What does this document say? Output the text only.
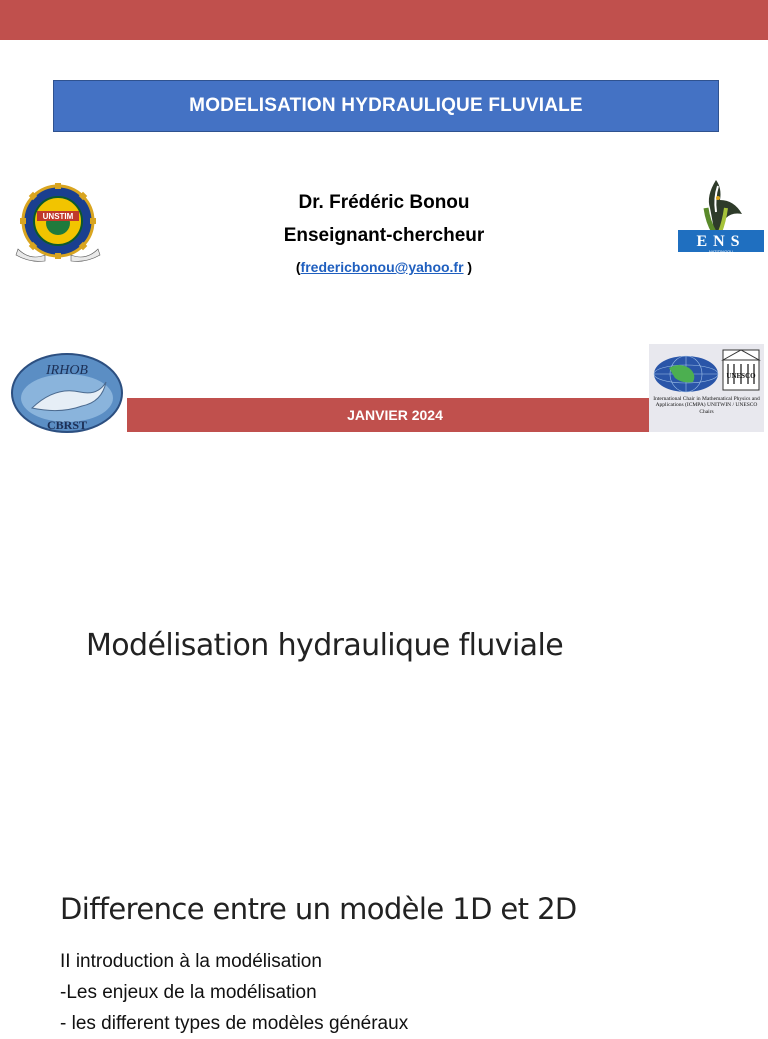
MODELISATION HYDRAULIQUE FLUVIALE
UNSTIM
Dr. Frédéric Bonou
Enseignant-chercheur
(fredericbonou@yahoo.fr )
ENS
NATITINGOU
IRHOB
CBRST
JANVIER 2024
UNESCO
International Chair in Mathematical Physics and Applications (ICMPA) UNITWIN / UNESCO Chairs
Modélisation hydraulique fluviale
Difference entre un modèle 1D et 2D
II introduction à la modélisation
-Les enjeux de la modélisation
- les different types de modèles généraux
